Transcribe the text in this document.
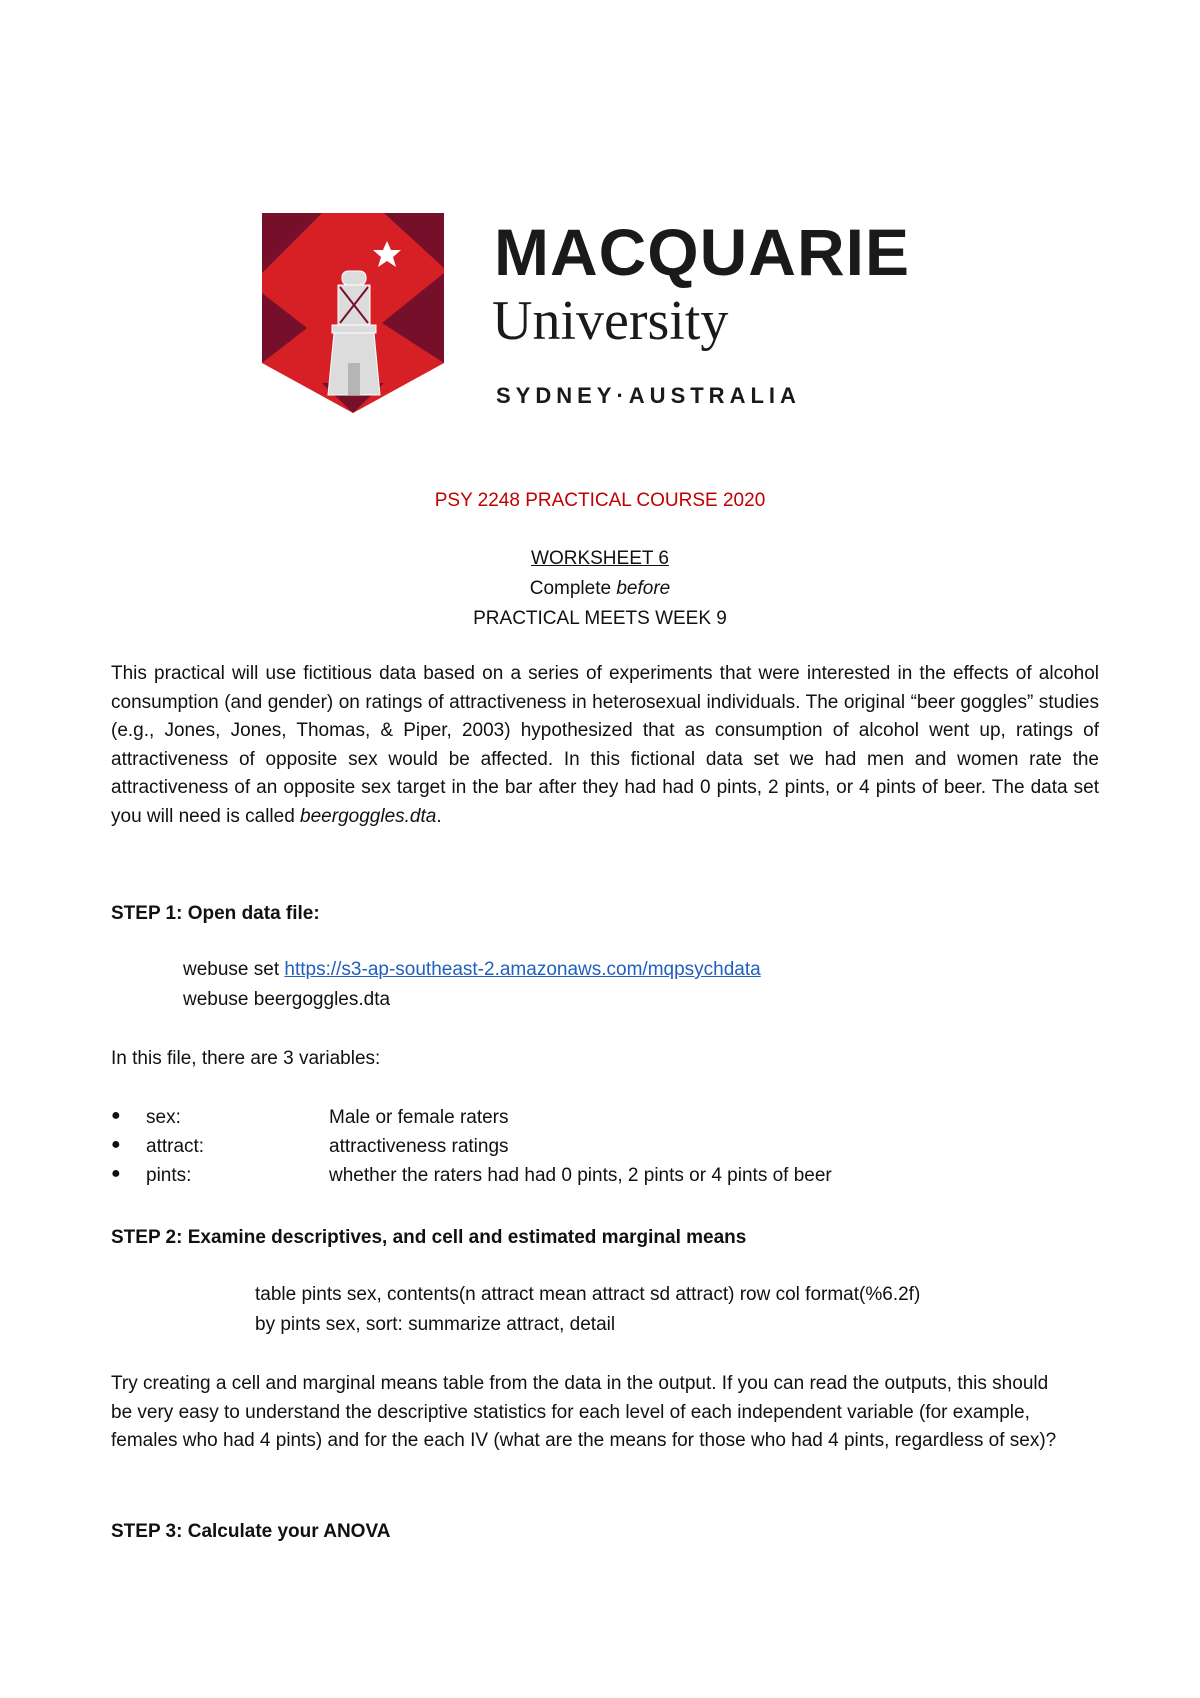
MACQUARIE
University
SYDNEY·AUSTRALIA
PSY 2248 PRACTICAL COURSE 2020
WORKSHEET 6
Complete before
PRACTICAL MEETS WEEK 9
This practical will use fictitious data based on a series of experiments that were interested in the effects of alcohol consumption (and gender) on ratings of attractiveness in heterosexual individuals. The original “beer goggles” studies (e.g., Jones, Jones, Thomas, & Piper, 2003) hypothesized that as consumption of alcohol went up, ratings of attractiveness of opposite sex would be affected. In this fictional data set we had men and women rate the attractiveness of an opposite sex target in the bar after they had had 0 pints, 2 pints, or 4 pints of beer. The data set you will need is called beergoggles.dta.
STEP 1: Open data file:
webuse set https://s3-ap-southeast-2.amazonaws.com/mqpsychdata
webuse beergoggles.dta
In this file, there are 3 variables:
● sex:	Male or female raters
● attract:	attractiveness ratings
● pints:	whether the raters had had 0 pints, 2 pints or 4 pints of beer
STEP 2: Examine descriptives, and cell and estimated marginal means
table pints sex, contents(n attract mean attract sd attract) row col format(%6.2f)
by pints sex, sort: summarize attract, detail
Try creating a cell and marginal means table from the data in the output. If you can read the outputs, this should be very easy to understand the descriptive statistics for each level of each independent variable (for example, females who had 4 pints) and for the each IV (what are the means for those who had 4 pints, regardless of sex)?
STEP 3: Calculate your ANOVA
